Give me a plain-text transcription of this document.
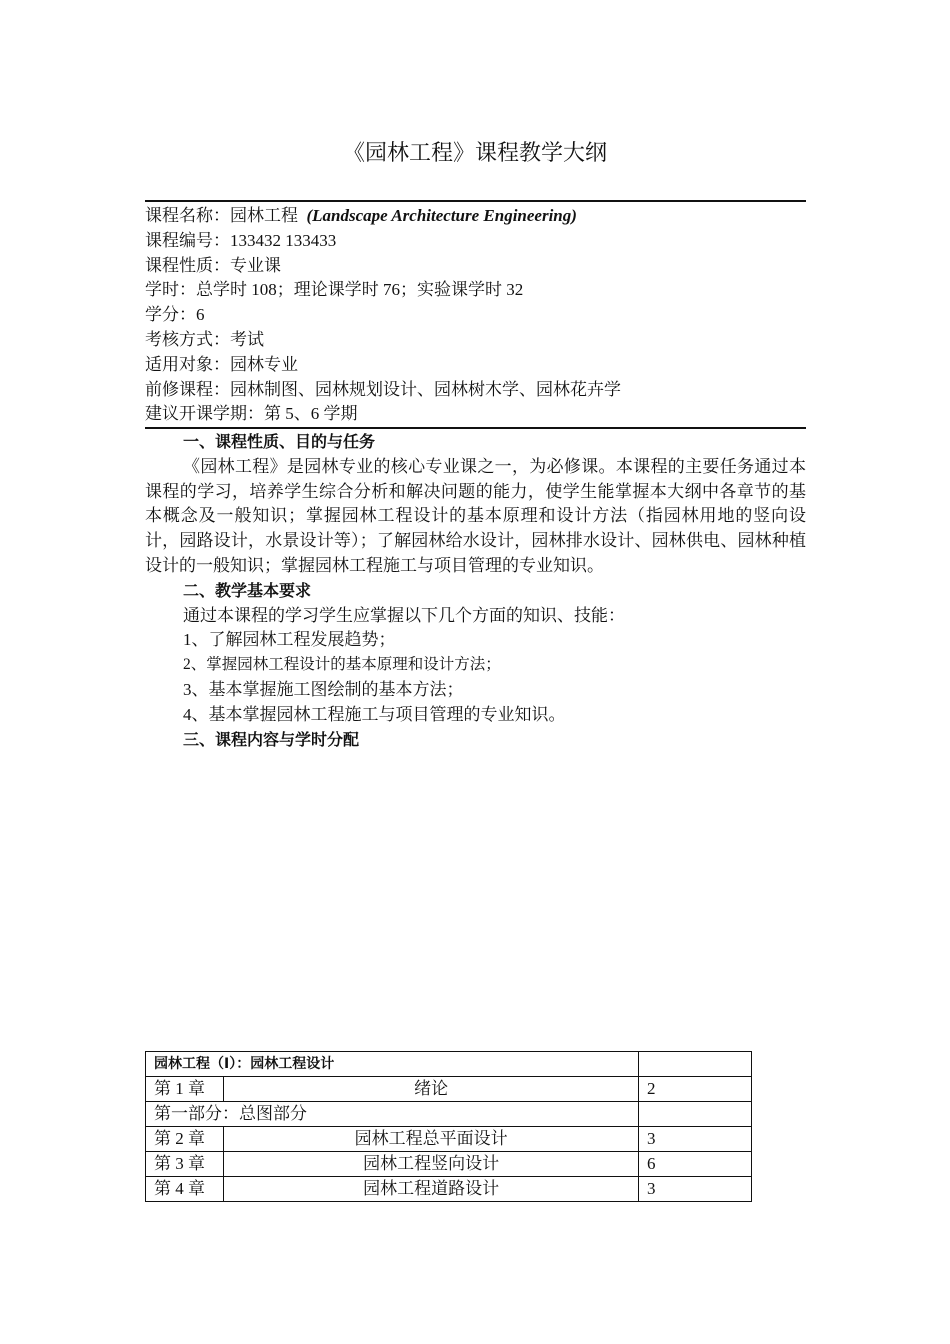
《园林工程》课程教学大纲
课程名称：园林工程 (Landscape Architecture Engineering)
课程编号：133432 133433
课程性质：专业课
学时：总学时 108；理论课学时 76；实验课学时 32
学分：6
考核方式：考试
适用对象：园林专业
前修课程：园林制图、园林规划设计、园林树木学、园林花卉学
建议开课学期：第 5、6 学期
一、课程性质、目的与任务
《园林工程》是园林专业的核心专业课之一，为必修课。本课程的主要任务通过本课程的学习，培养学生综合分析和解决问题的能力，使学生能掌握本大纲中各章节的基本概念及一般知识；掌握园林工程设计的基本原理和设计方法（指园林用地的竖向设计，园路设计，水景设计等）；了解园林给水设计，园林排水设计、园林供电、园林种植设计的一般知识；掌握园林工程施工与项目管理的专业知识。
二、教学基本要求
通过本课程的学习学生应掌握以下几个方面的知识、技能：
1、了解园林工程发展趋势；
2、掌握园林工程设计的基本原理和设计方法；
3、基本掌握施工图绘制的基本方法；
4、基本掌握园林工程施工与项目管理的专业知识。
三、课程内容与学时分配
园林工程（Ⅰ）：园林工程设计		
第 1 章	绪论	2
第一部分：总图部分		
第 2 章	园林工程总平面设计	3
第 3 章	园林工程竖向设计	6
第 4 章	园林工程道路设计	3
